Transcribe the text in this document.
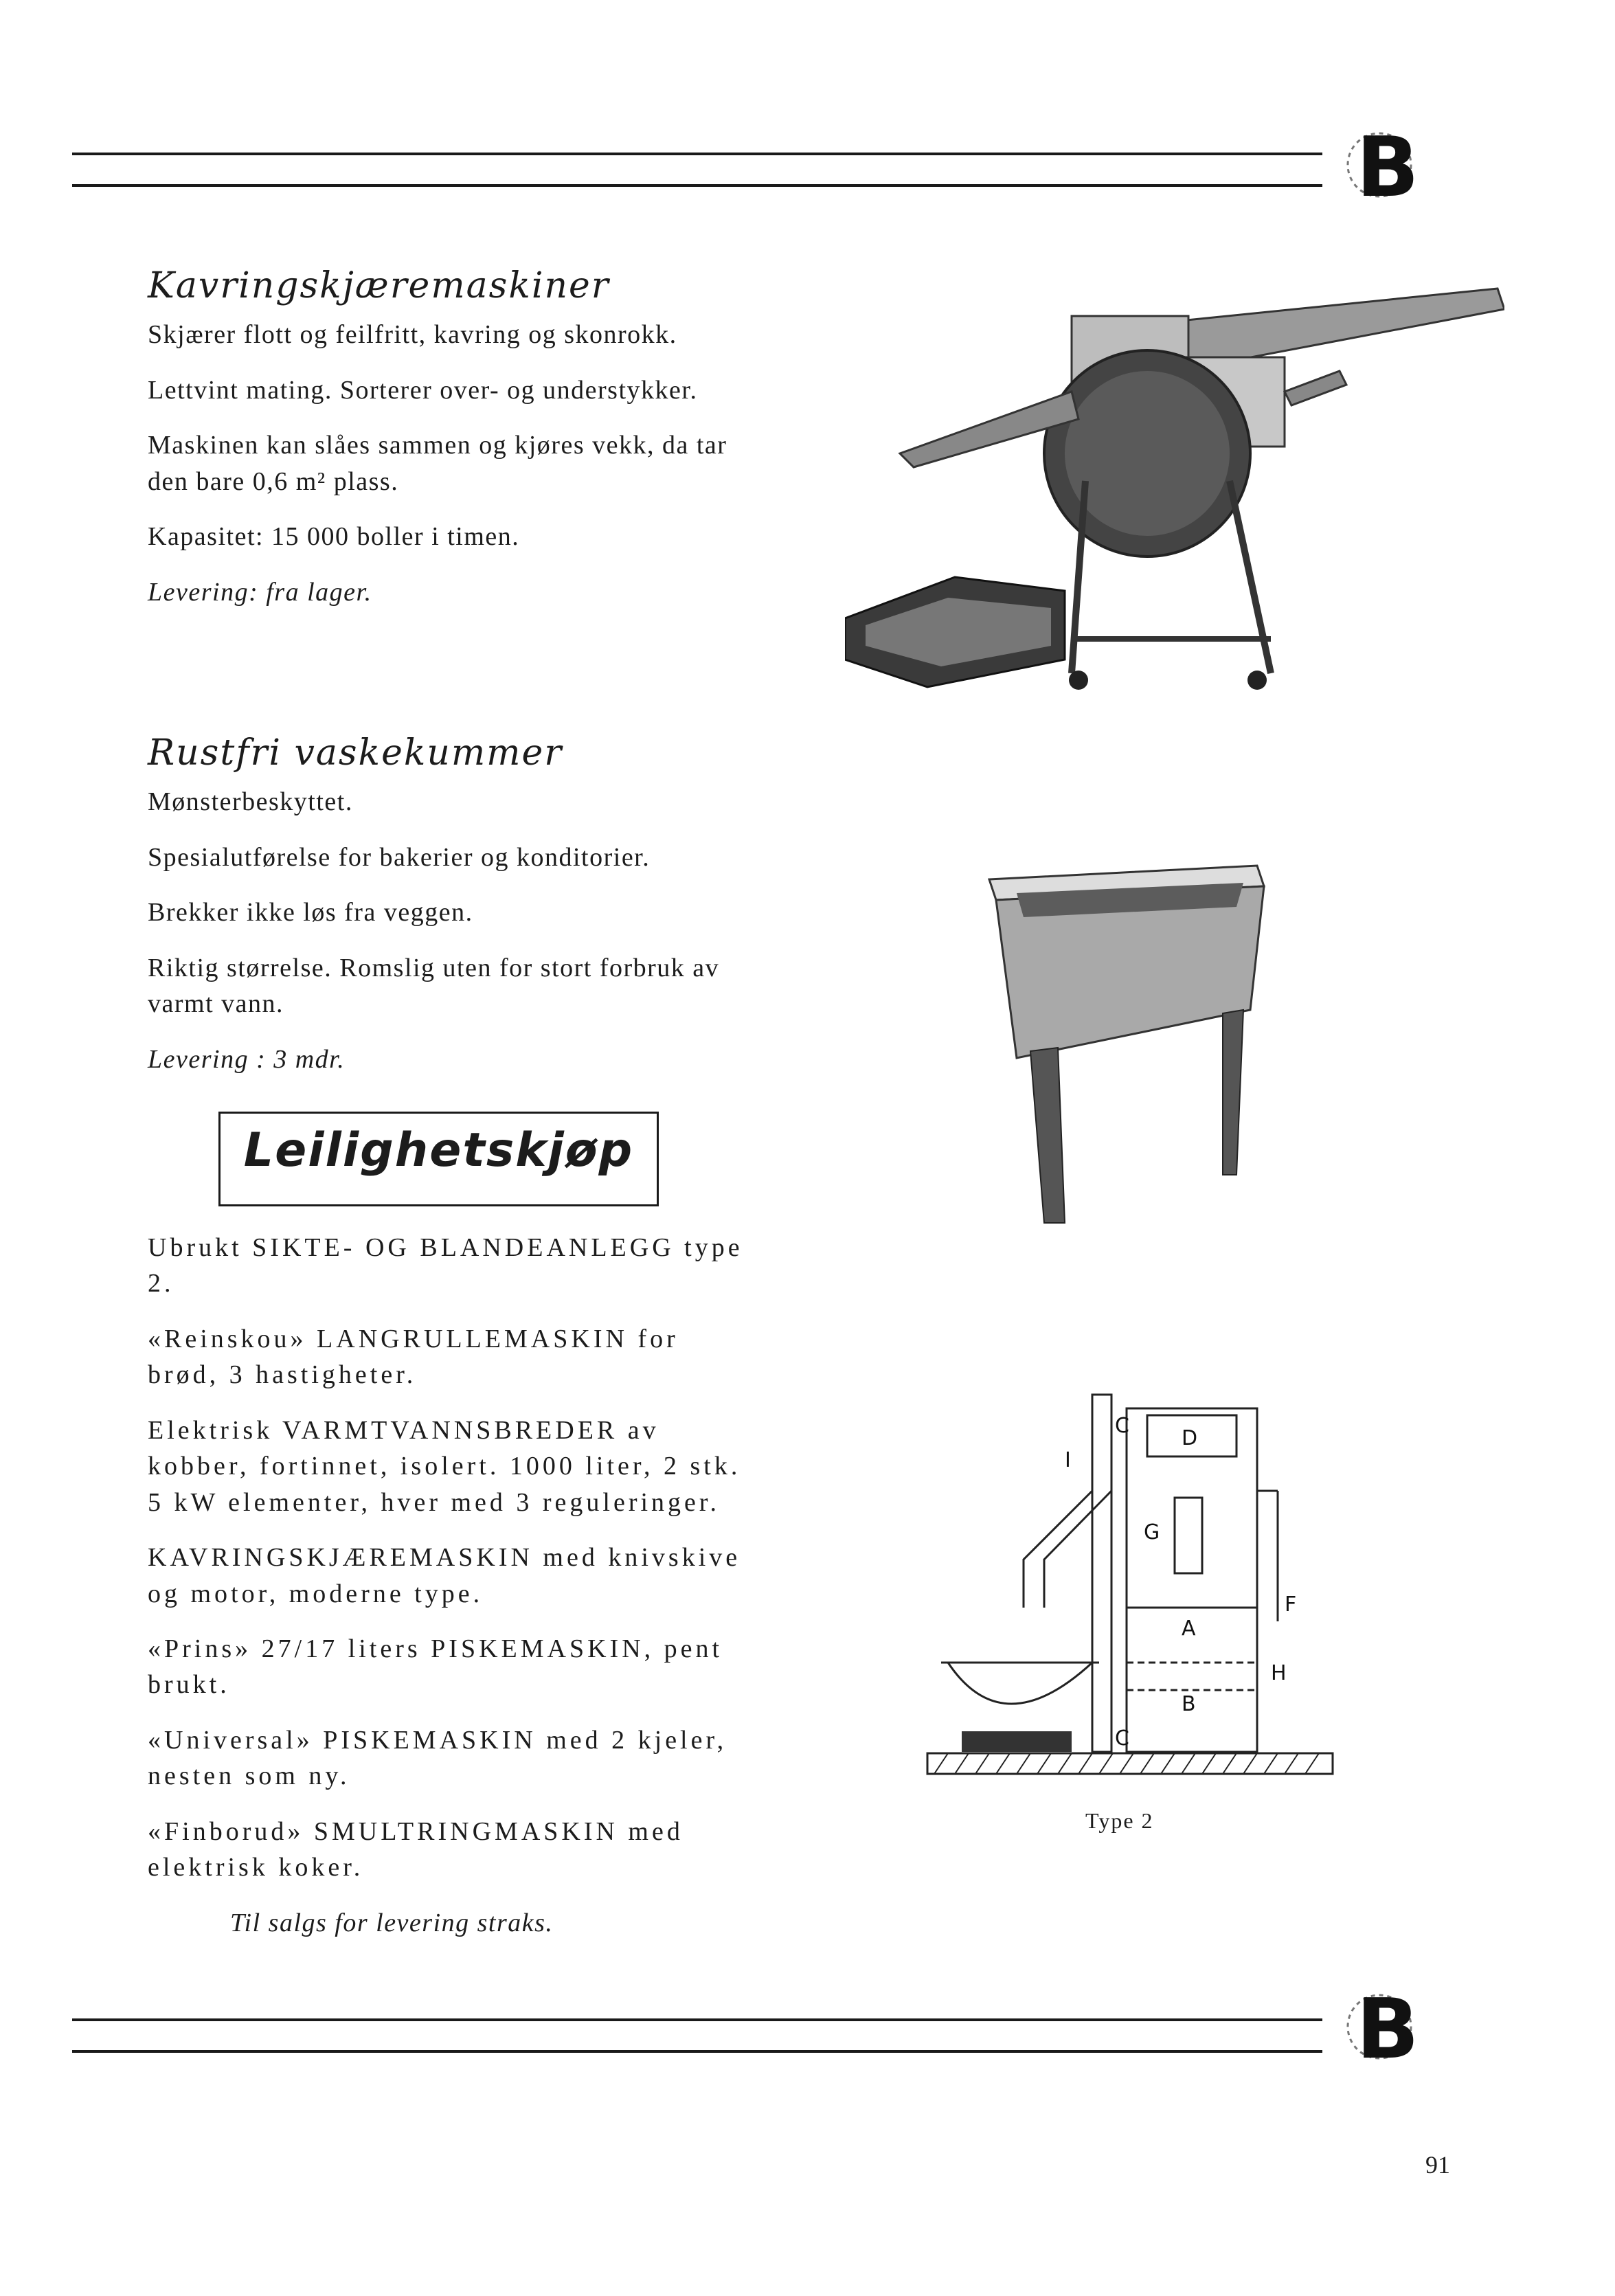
B
Kavringskjæremaskiner
Skjærer flott og feilfritt, kavring og skonrokk.
Lettvint mating. Sorterer over- og understykker.
Maskinen kan slåes sammen og kjøres vekk, da tar den bare 0,6 m² plass.
Kapasitet: 15 000 boller i timen.
Levering: fra lager.
Rustfri vaskekummer
Mønsterbeskyttet.
Spesialutførelse for bakerier og konditorier.
Brekker ikke løs fra veggen.
Riktig størrelse. Romslig uten for stort forbruk av varmt vann.
Levering : 3 mdr.
Leilighetskjøp
Ubrukt SIKTE- OG BLANDEANLEGG type 2.
«Reinskou» LANGRULLEMASKIN for brød, 3 hastigheter.
Elektrisk VARMTVANNSBREDER av kobber, fortinnet, isolert. 1000 liter, 2 stk. 5 kW elementer, hver med 3 reguleringer.
KAVRINGSKJÆREMASKIN med knivskive og motor, moderne type.
«Prins» 27/17 liters PISKEMASKIN, pent brukt.
«Universal» PISKEMASKIN med 2 kjeler, nesten som ny.
«Finborud» SMULTRINGMASKIN med elektrisk koker.
Til salgs for levering straks.
D
G
A
B
C
C
F
H
I
Type 2
B
91
